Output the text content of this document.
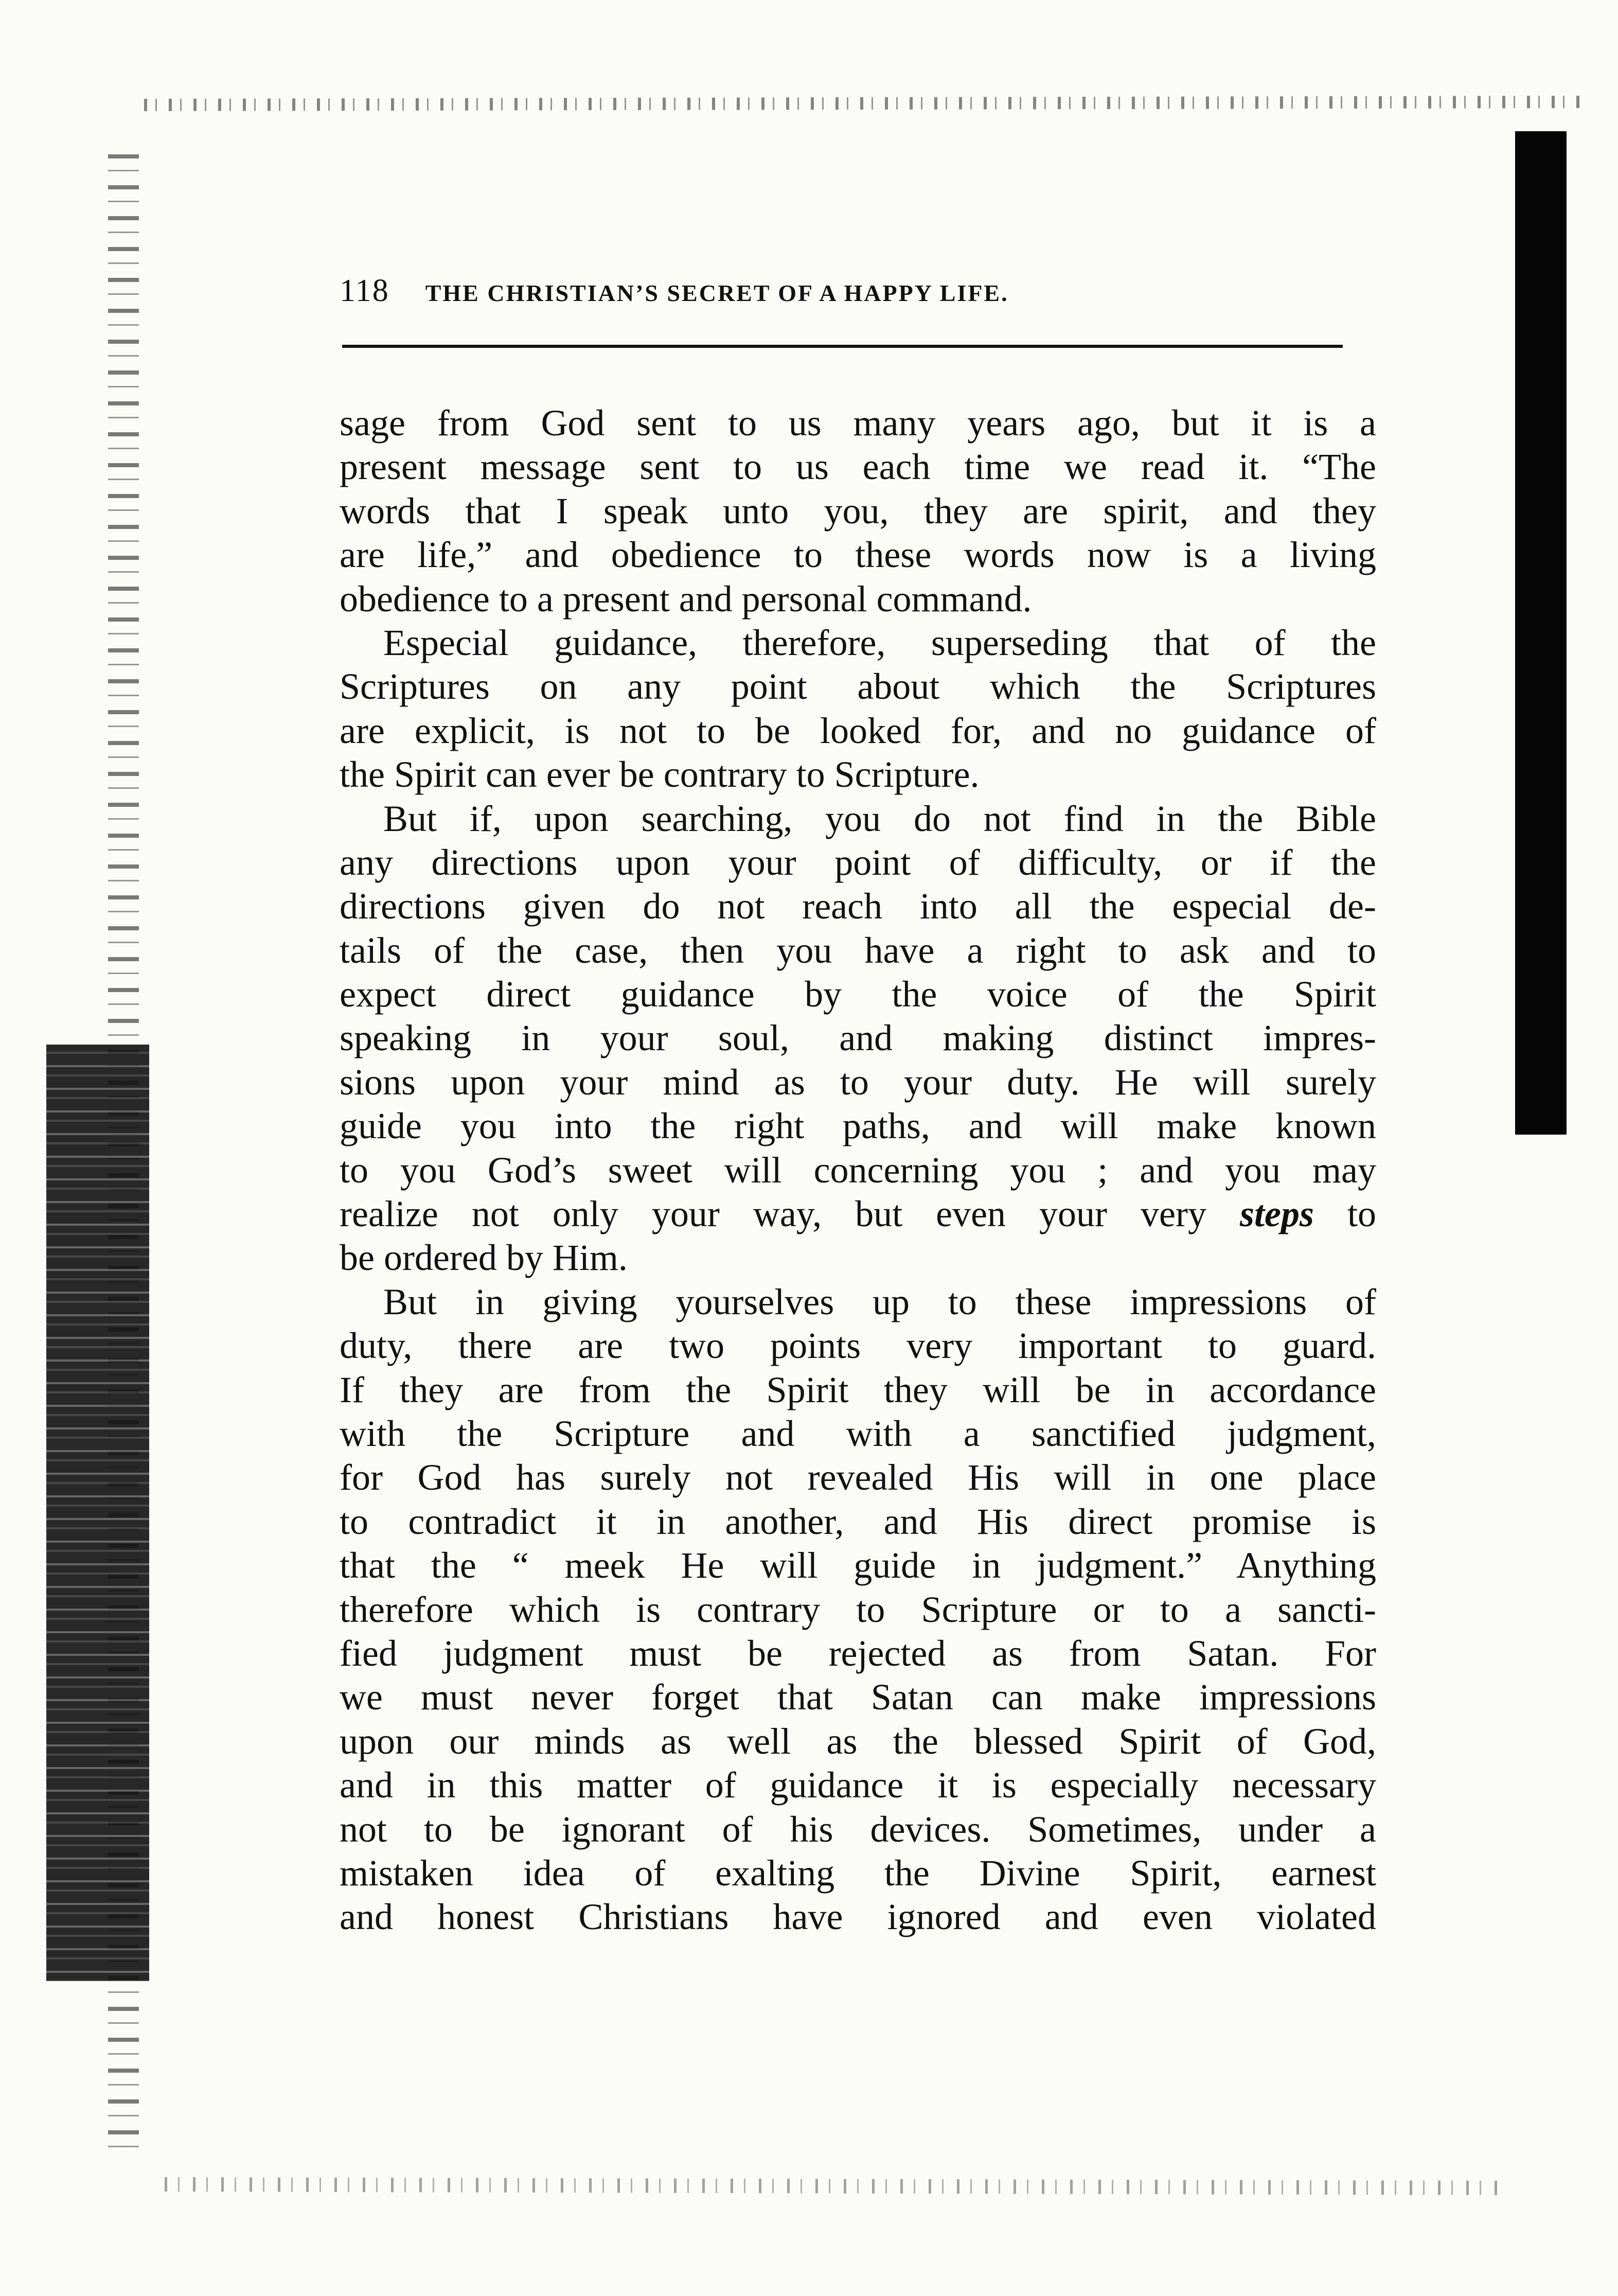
118 THE CHRISTIAN’S SECRET OF A HAPPY LIFE.
sage from God sent to us many years ago, but it is a
present message sent to us each time we read it. “The
words that I speak unto you, they are spirit, and they
are life,” and obedience to these words now is a living
obedience to a present and personal command.
Especial guidance, therefore, superseding that of the
Scriptures on any point about which the Scriptures
are explicit, is not to be looked for, and no guidance of
the Spirit can ever be contrary to Scripture.
But if, upon searching, you do not find in the Bible
any directions upon your point of difficulty, or if the
directions given do not reach into all the especial de-
tails of the case, then you have a right to ask and to
expect direct guidance by the voice of the Spirit
speaking in your soul, and making distinct impres-
sions upon your mind as to your duty. He will surely
guide you into the right paths, and will make known
to you God’s sweet will concerning you ; and you may
realize not only your way, but even your very steps to
be ordered by Him.
But in giving yourselves up to these impressions of
duty, there are two points very important to guard.
If they are from the Spirit they will be in accordance
with the Scripture and with a sanctified judgment,
for God has surely not revealed His will in one place
to contradict it in another, and His direct promise is
that the “ meek He will guide in judgment.” Anything
therefore which is contrary to Scripture or to a sancti-
fied judgment must be rejected as from Satan. For
we must never forget that Satan can make impressions
upon our minds as well as the blessed Spirit of God,
and in this matter of guidance it is especially necessary
not to be ignorant of his devices. Sometimes, under a
mistaken idea of exalting the Divine Spirit, earnest
and honest Christians have ignored and even violated
